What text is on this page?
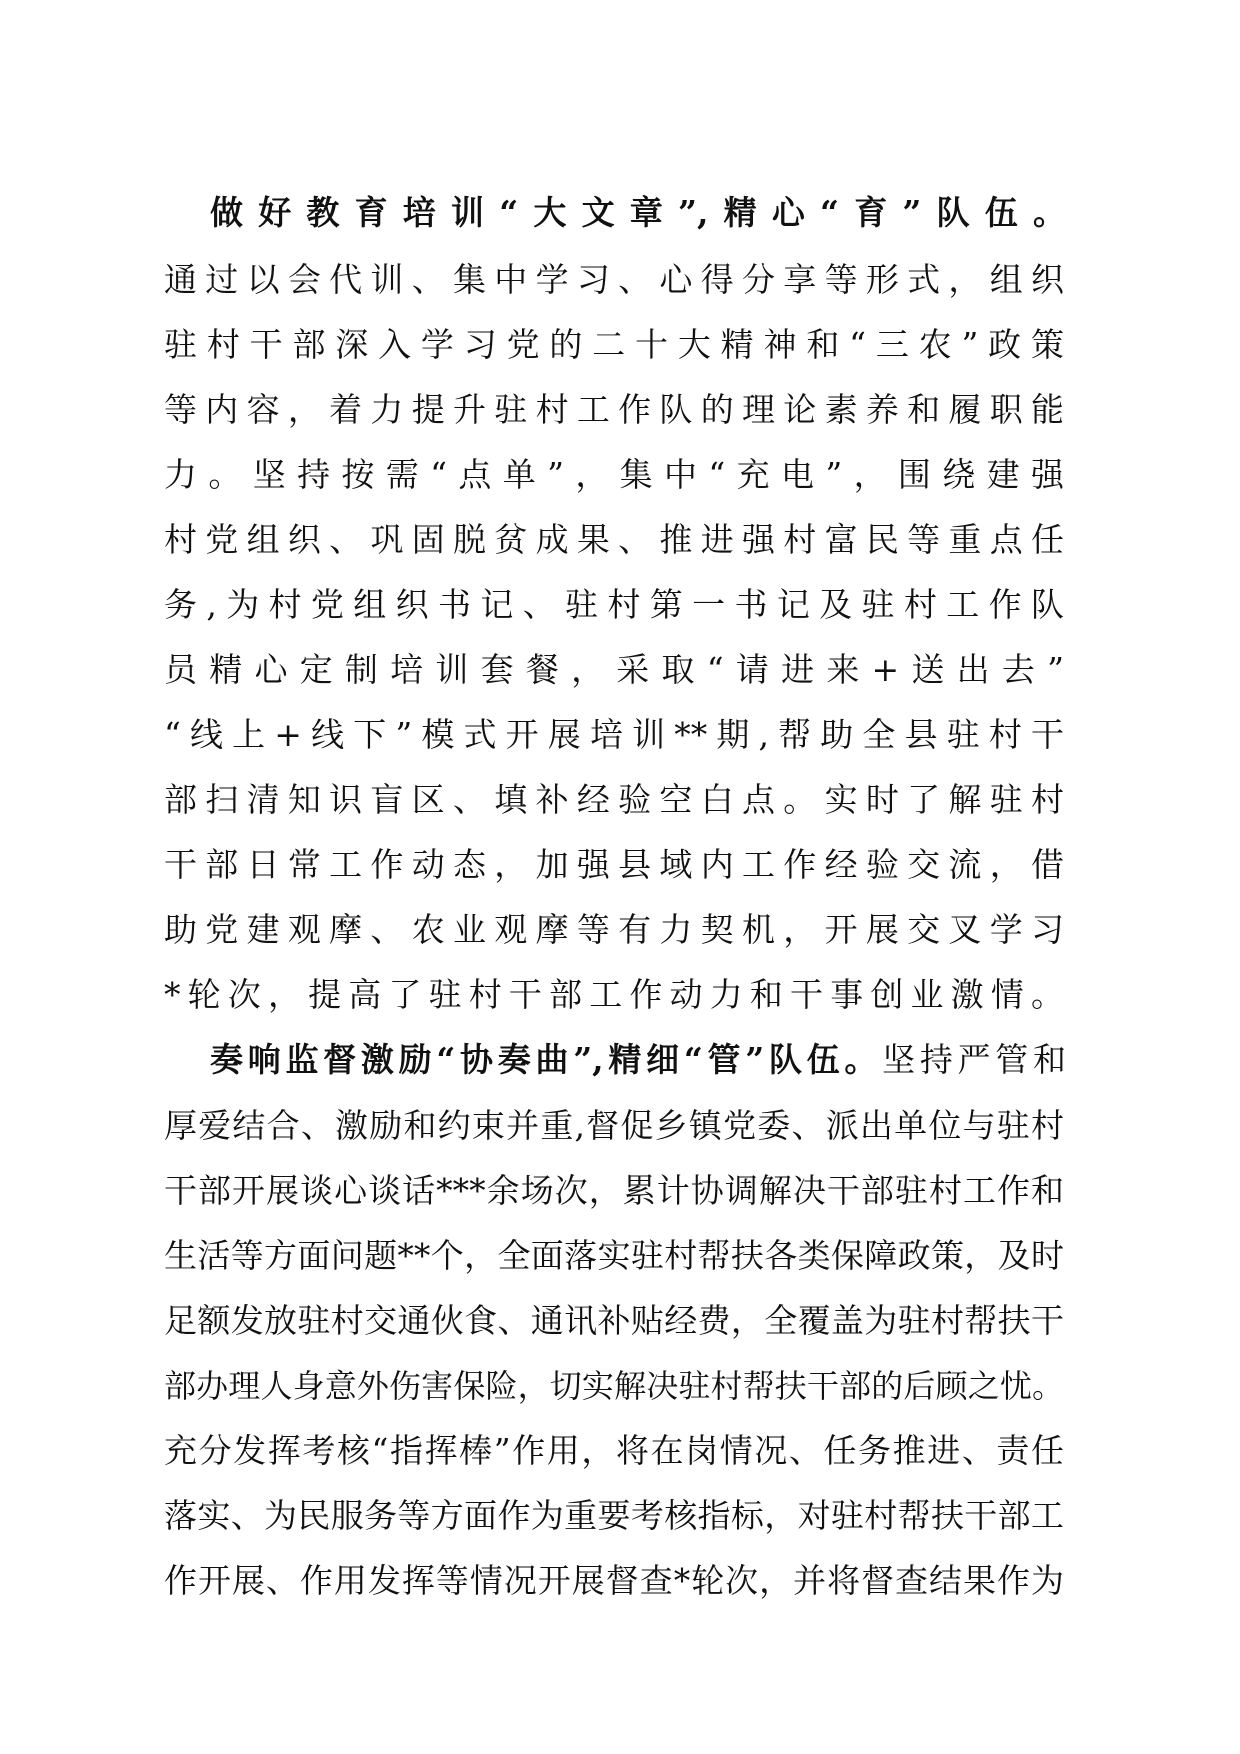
做好教育培训“大文章”,精心“育”队伍。
通过以会代训、集中学习、心得分享等形式，组织
驻村干部深入学习党的二十大精神和“三农”政策
等内容，着力提升驻村工作队的理论素养和履职能
力。坚持按需“点单”，集中“充电”，围绕建强
村党组织、巩固脱贫成果、推进强村富民等重点任
务,为村党组织书记、驻村第一书记及驻村工作队
员精心定制培训套餐，采取“请进来+送出去”
“线上+线下”模式开展培训**期,帮助全县驻村干
部扫清知识盲区、填补经验空白点。实时了解驻村
干部日常工作动态，加强县域内工作经验交流，借
助党建观摩、农业观摩等有力契机，开展交叉学习
*轮次，提高了驻村干部工作动力和干事创业激情。
奏响监督激励“协奏曲”,精细“管”队伍。坚持严管和
厚爱结合、激励和约束并重,督促乡镇党委、派出单位与驻村
干部开展谈心谈话***余场次，累计协调解决干部驻村工作和
生活等方面问题**个，全面落实驻村帮扶各类保障政策，及时
足额发放驻村交通伙食、通讯补贴经费，全覆盖为驻村帮扶干
部办理人身意外伤害保险，切实解决驻村帮扶干部的后顾之忧。
充分发挥考核“指挥棒”作用，将在岗情况、任务推进、责任
落实、为民服务等方面作为重要考核指标，对驻村帮扶干部工
作开展、作用发挥等情况开展督查*轮次，并将督查结果作为
